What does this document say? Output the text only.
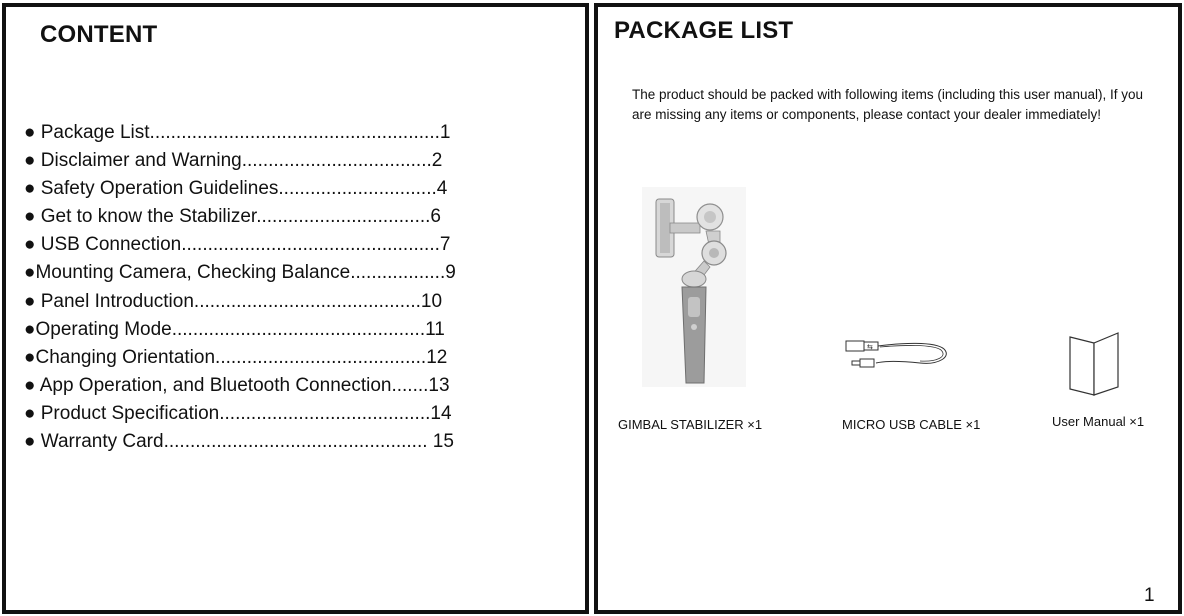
CONTENT
● Package List.......................................................1
● Disclaimer and Warning....................................2
● Safety Operation Guidelines..............................4
● Get to know the Stabilizer.................................6
● USB Connection.................................................7
●Mounting Camera, Checking Balance..................9
● Panel Introduction...........................................10
●Operating Mode................................................11
●Changing Orientation........................................12
● App Operation, and Bluetooth Connection.......13
● Product Specification........................................14
● Warranty Card.................................................. 15
PACKAGE LIST
The product should be packed with following items (including this user manual), If you are missing any items or components, please contact your dealer immediately!
⇆
GIMBAL STABILIZER ×1	MICRO USB CABLE ×1	User Manual ×1
1
